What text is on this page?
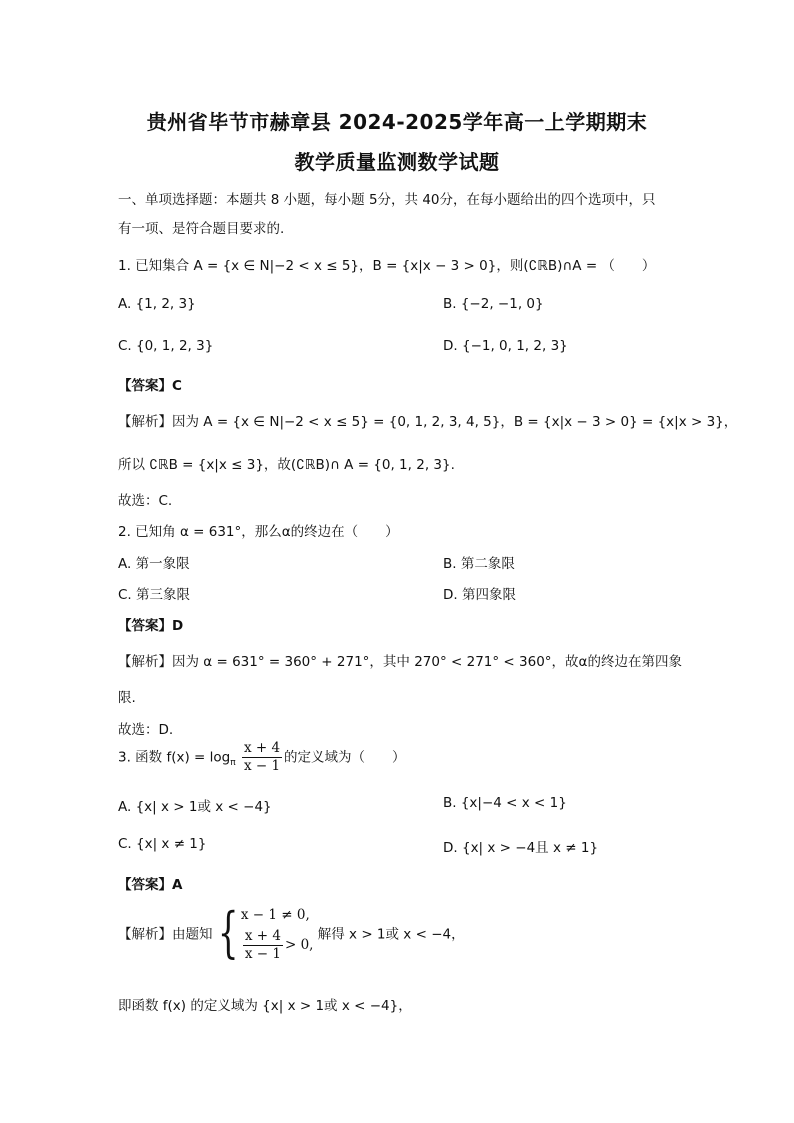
贵州省毕节市赫章县 2024-2025学年高一上学期期末
教学质量监测数学试题
一、单项选择题：本题共 8 小题，每小题 5分，共 40分，在每小题给出的四个选项中，只
有一项、是符合题目要求的.
1. 已知集合 A = {x ∈ N|−2 < x ≤ 5}，B = {x|x − 3 > 0}，则(∁ℝB)∩A = （　　）
A. {1, 2, 3}	B. {−2, −1, 0}
C. {0, 1, 2, 3}	D. {−1, 0, 1, 2, 3}
【答案】C
【解析】因为 A = {x ∈ N|−2 < x ≤ 5} = {0, 1, 2, 3, 4, 5}，B = {x|x − 3 > 0} = {x|x > 3}，
所以 ∁ℝB = {x|x ≤ 3}，故(∁ℝB)∩ A = {0, 1, 2, 3}.
故选：C.
2. 已知角 α = 631°，那么α的终边在（　　）
A. 第一象限	B. 第二象限
C. 第三象限	D. 第四象限
【答案】D
【解析】因为 α = 631° = 360° + 271°，其中 270° < 271° < 360°，故α的终边在第四象
限.
故选：D.
3. 函数 $f(x) = \log_\pi \frac{x + 4}{x - 1}$ 的定义域为（　　）
A. {x| x > 1或 x < −4}	B. {x|−4 < x < 1}
C. {x| x ≠ 1}	D. {x| x > −4且 x ≠ 1}
【答案】A
【解析】由题知{ x − 1 ≠ 0,
$\frac{x + 4}{x - 1} > 0$,
解得 x > 1或 x < −4，
即函数 f(x) 的定义域为 {x| x > 1或 x < −4}，
